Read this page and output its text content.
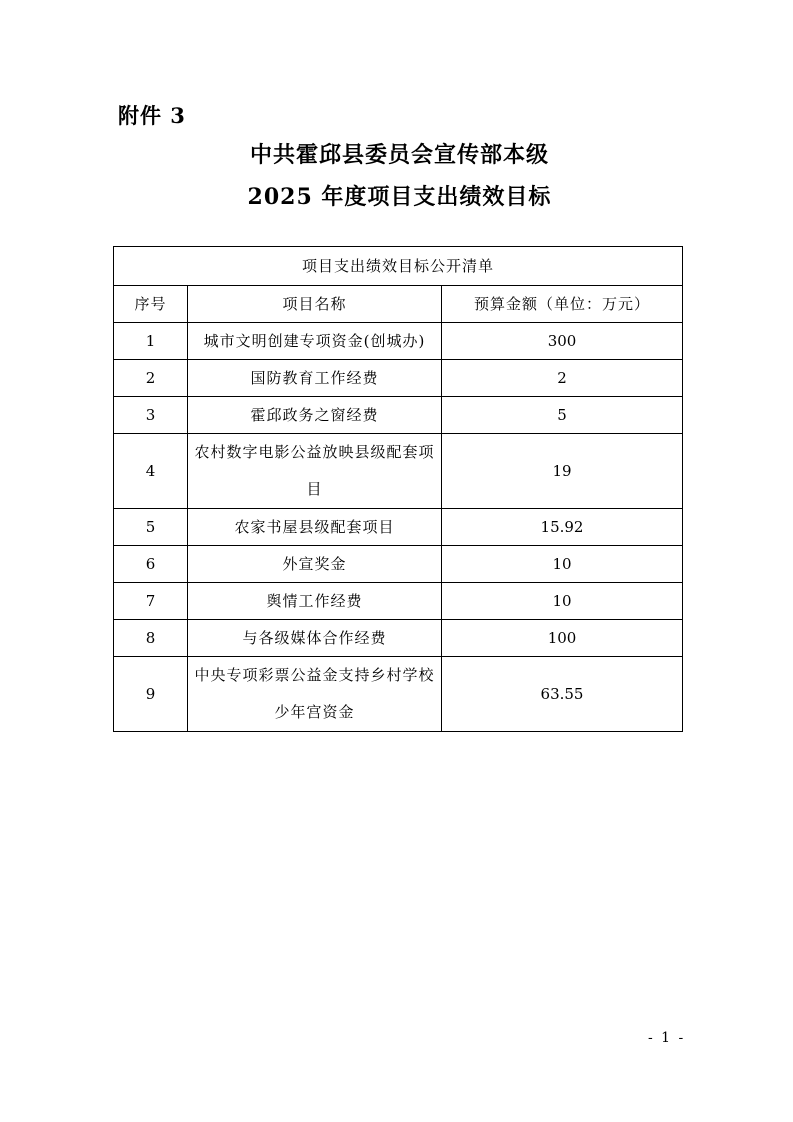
附件 3
中共霍邱县委员会宣传部本级
2025 年度项目支出绩效目标
项目支出绩效目标公开清单		
序号	项目名称	预算金额（单位：万元）
1	城市文明创建专项资金(创城办)	300
2	国防教育工作经费	2
3	霍邱政务之窗经费	5
4	农村数字电影公益放映县级配套项目	19
5	农家书屋县级配套项目	15.92
6	外宣奖金	10
7	舆情工作经费	10
8	与各级媒体合作经费	100
9	中央专项彩票公益金支持乡村学校少年宫资金	63.55
- 1 -
